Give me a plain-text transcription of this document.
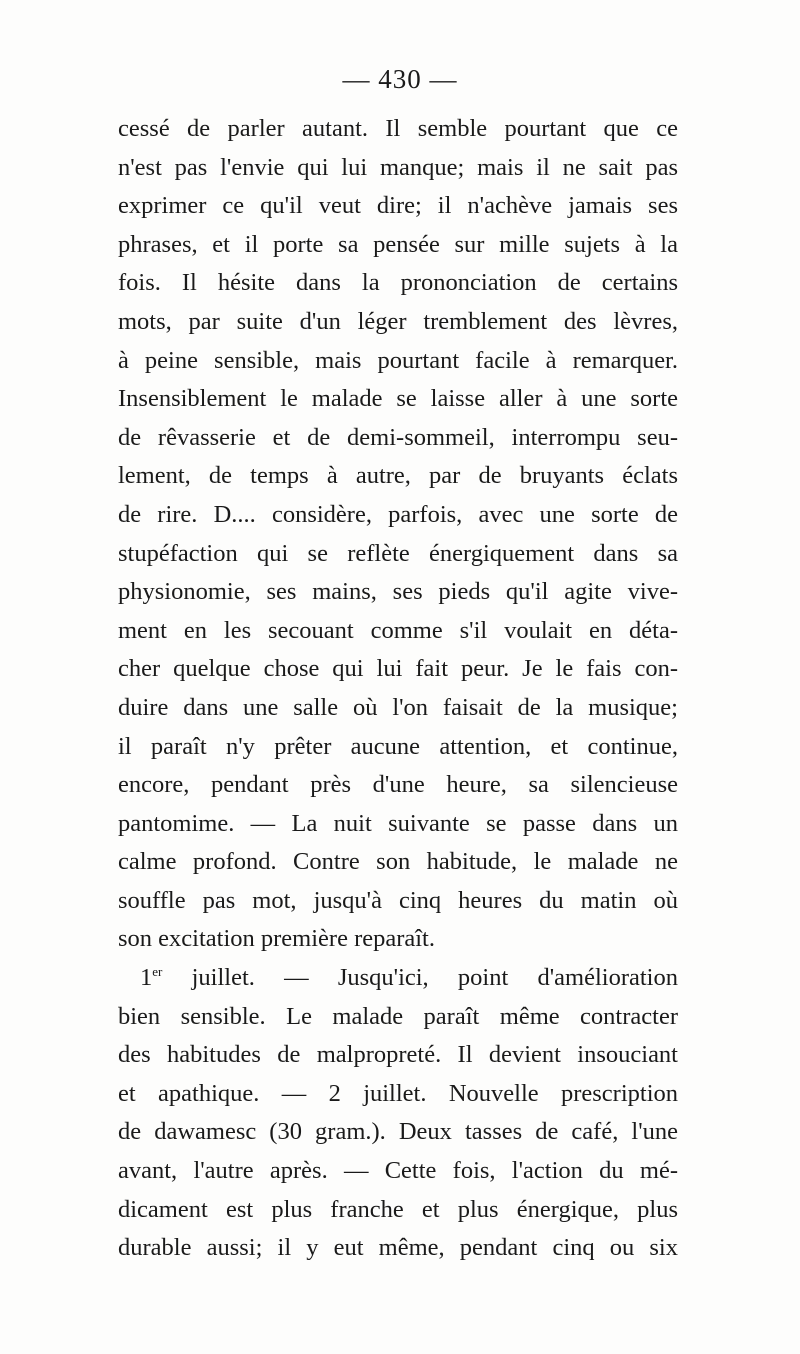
— 430 —
cessé de parler autant. Il semble pourtant que ce
n'est pas l'envie qui lui manque; mais il ne sait pas
exprimer ce qu'il veut dire; il n'achève jamais ses
phrases, et il porte sa pensée sur mille sujets à la
fois. Il hésite dans la prononciation de certains
mots, par suite d'un léger tremblement des lèvres,
à peine sensible, mais pourtant facile à remarquer.
Insensiblement le malade se laisse aller à une sorte
de rêvasserie et de demi-sommeil, interrompu seu-
lement, de temps à autre, par de bruyants éclats
de rire. D.... considère, parfois, avec une sorte de
stupéfaction qui se reflète énergiquement dans sa
physionomie, ses mains, ses pieds qu'il agite vive-
ment en les secouant comme s'il voulait en déta-
cher quelque chose qui lui fait peur. Je le fais con-
duire dans une salle où l'on faisait de la musique;
il paraît n'y prêter aucune attention, et continue,
encore, pendant près d'une heure, sa silencieuse
pantomime. — La nuit suivante se passe dans un
calme profond. Contre son habitude, le malade ne
souffle pas mot, jusqu'à cinq heures du matin où
son excitation première reparaît.
1er juillet. — Jusqu'ici, point d'amélioration
bien sensible. Le malade paraît même contracter
des habitudes de malpropreté. Il devient insouciant
et apathique. — 2 juillet. Nouvelle prescription
de dawamesc (30 gram.). Deux tasses de café, l'une
avant, l'autre après. — Cette fois, l'action du mé-
dicament est plus franche et plus énergique, plus
durable aussi; il y eut même, pendant cinq ou six
